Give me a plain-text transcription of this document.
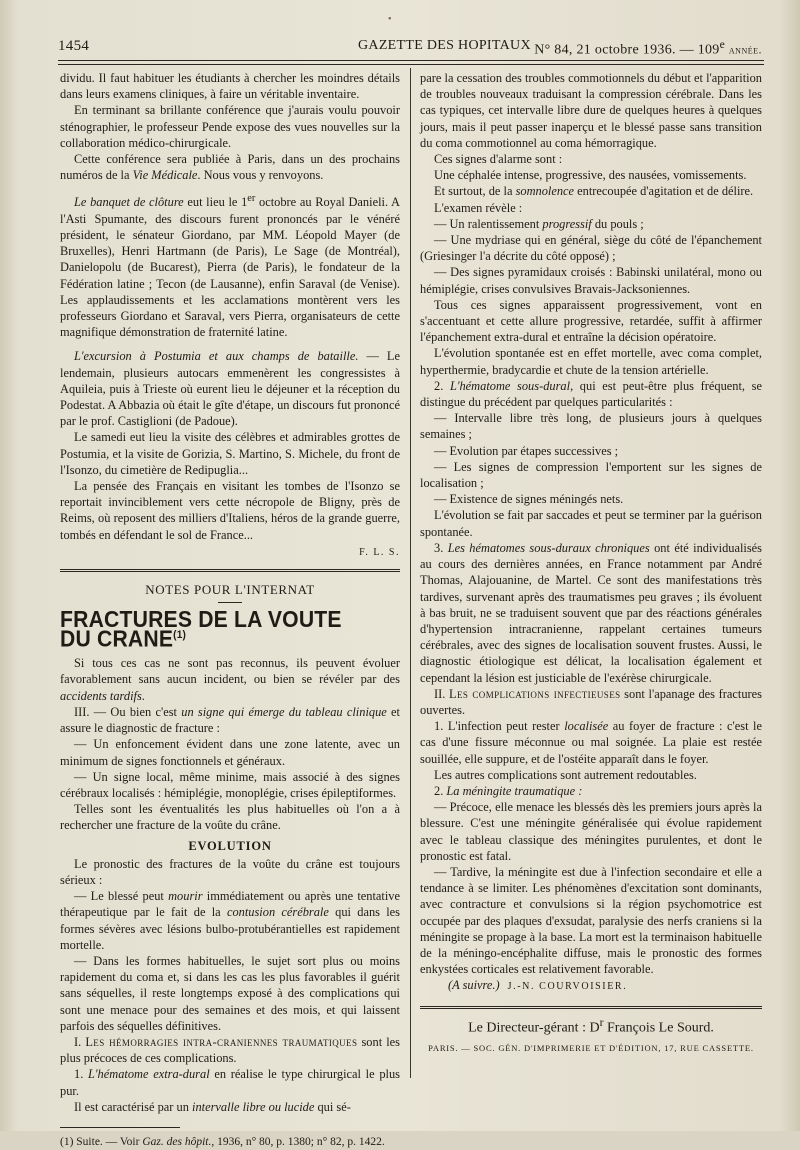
•
1454	GAZETTE DES HOPITAUX N° 84, 21 octobre 1936. — 109e année.

dividu. Il faut habituer les étudiants à chercher les moindres détails dans leurs examens cliniques, à faire un véritable inventaire.

En terminant sa brillante conférence que j'aurais voulu pouvoir sténographier, le professeur Pende expose des vues nouvelles sur la collaboration médico-chirurgicale.

Cette conférence sera publiée à Paris, dans un des prochains numéros de la Vie Médicale. Nous vous y renvoyons.

Le banquet de clôture eut lieu le 1er octobre au Royal Danieli. A l'Asti Spumante, des discours furent prononcés par le vénéré président, le sénateur Giordano, par MM. Léopold Mayer (de Bruxelles), Henri Hartmann (de Paris), Le Sage (de Montréal), Danielopolu (de Bucarest), Pierra (de Paris), le fondateur de la Fédération latine ; Tecon (de Lausanne), enfin Saraval (de Venise). Les applaudissements et les acclamations montèrent vers les professeurs Giordano et Saraval, vers Pierra, organisateurs de cette magnifique démonstration de fraternité latine.

L'excursion à Postumia et aux champs de bataille. — Le lendemain, plusieurs autocars emmenèrent les congressistes à Aquileia, puis à Trieste où eurent lieu le déjeuner et la réception du Podestat. A Abbazia où était le gîte d'étape, un discours fut prononcé par le prof. Castiglioni (de Padoue).

Le samedi eut lieu la visite des célèbres et admirables grottes de Postumia, et la visite de Gorizia, S. Martino, S. Michele, du front de l'Isonzo, du cimetière de Redipuglia...

La pensée des Français en visitant les tombes de l'Isonzo se reportait invinciblement vers cette nécropole de Bligny, près de Reims, où reposent des milliers d'Italiens, héros de la grande guerre, tombés en défendant le sol de France...

F. L. S.
NOTES POUR L'INTERNAT
FRACTURES DE LA VOUTE DU CRANE$^{(1)}$

Si tous ces cas ne sont pas reconnus, ils peuvent évoluer favorablement sans aucun incident, ou bien se révéler par des accidents tardifs.

III. — Ou bien c'est un signe qui émerge du tableau clinique et assure le diagnostic de fracture :

— Un enfoncement évident dans une zone latente, avec un minimum de signes fonctionnels et généraux.

— Un signe local, même minime, mais associé à des signes cérébraux localisés : hémiplégie, monoplégie, crises épileptiformes.

Telles sont les éventualités les plus habituelles où l'on a à rechercher une fracture de la voûte du crâne.

EVOLUTION

Le pronostic des fractures de la voûte du crâne est toujours sérieux :

— Le blessé peut mourir immédiatement ou après une tentative thérapeutique par le fait de la contusion cérébrale qui dans les formes sévères avec lésions bulbo-protubérantielles est rapidement mortelle.

— Dans les formes habituelles, le sujet sort plus ou moins rapidement du coma et, si dans les cas les plus favorables il guérit sans séquelles, il reste longtemps exposé à des complications qui sont une menace pour des semaines et des mois, et qui laissent parfois des séquelles définitives.

I. Les hémorragies intra-craniennes traumatiques sont les plus précoces de ces complications.

1. L'hématome extra-dural en réalise le type chirurgical le plus pur.

Il est caractérisé par un intervalle libre ou lucide qui sé-

(1) Suite. — Voir Gaz. des hôpit., 1936, n° 80, p. 1380; n° 82, p. 1422.

pare la cessation des troubles commotionnels du début et l'apparition de troubles nouveaux traduisant la compression cérébrale. Dans les cas typiques, cet intervalle libre dure de quelques heures à quelques jours, mais il peut passer inaperçu et le blessé passe sans transition du coma commotionnel au coma hémorragique.

Ces signes d'alarme sont :

Une céphalée intense, progressive, des nausées, vomissements.

Et surtout, de la somnolence entrecoupée d'agitation et de délire.

L'examen révèle :

— Un ralentissement progressif du pouls ;

— Une mydriase qui en général, siège du côté de l'épanchement (Griesinger l'a décrite du côté opposé) ;

— Des signes pyramidaux croisés : Babinski unilatéral, mono ou hémiplégie, crises convulsives Bravais-Jacksoniennes.

Tous ces signes apparaissent progressivement, vont en s'accentuant et cette allure progressive, retardée, suffit à affirmer l'épanchement extra-dural et entraîne la décision opératoire.

L'évolution spontanée est en effet mortelle, avec coma complet, hyperthermie, bradycardie et chute de la tension artérielle.

2. L'hématome sous-dural, qui est peut-être plus fréquent, se distingue du précédent par quelques particularités :

— Intervalle libre très long, de plusieurs jours à quelques semaines ;

— Evolution par étapes successives ;

— Les signes de compression l'emportent sur les signes de localisation ;

— Existence de signes méningés nets.

L'évolution se fait par saccades et peut se terminer par la guérison spontanée.

3. Les hématomes sous-duraux chroniques ont été individualisés au cours des dernières années, en France notamment par André Thomas, Alajouanine, de Martel. Ce sont des manifestations très tardives, survenant après des traumatismes peu graves ; ils évoluent à bas bruit, ne se traduisent souvent que par des réactions générales d'hypertension intracranienne, rappelant certaines tumeurs cérébrales, avec des signes de localisation souvent frustes. Aussi, le diagnostic étiologique est délicat, la localisation également et cependant la lésion est justiciable de l'exérèse chirurgicale.

II. Les complications infectieuses sont l'apanage des fractures ouvertes.

1. L'infection peut rester localisée au foyer de fracture : c'est le cas d'une fissure méconnue ou mal soignée. La plaie est restée souillée, elle suppure, et de l'ostéite apparaît dans le foyer.

Les autres complications sont autrement redoutables.

2. La méningite traumatique :

— Précoce, elle menace les blessés dès les premiers jours après la blessure. C'est une méningite généralisée qui évolue rapidement avec le tableau classique des méningites purulentes, et dont le pronostic est fatal.

— Tardive, la méningite est due à l'infection secondaire et elle a tendance à se limiter. Les phénomènes d'excitation sont dominants, avec contracture et convulsions si la région psychomotrice est occupée par des plaques d'exsudat, paralysie des nerfs craniens si la méningite se propage à la base. La mort est la terminaison habituelle de la méningo-encéphalite diffuse, mais le pronostic des formes enkystées corticales est relativement favorable.

(A suivre.) J.-N. COURVOISIER.

Le Directeur-gérant : $D^r$ François Le Sourd.

PARIS. — SOC. GÉN. D'IMPRIMERIE ET D'ÉDITION, 17, RUE CASSETTE.
